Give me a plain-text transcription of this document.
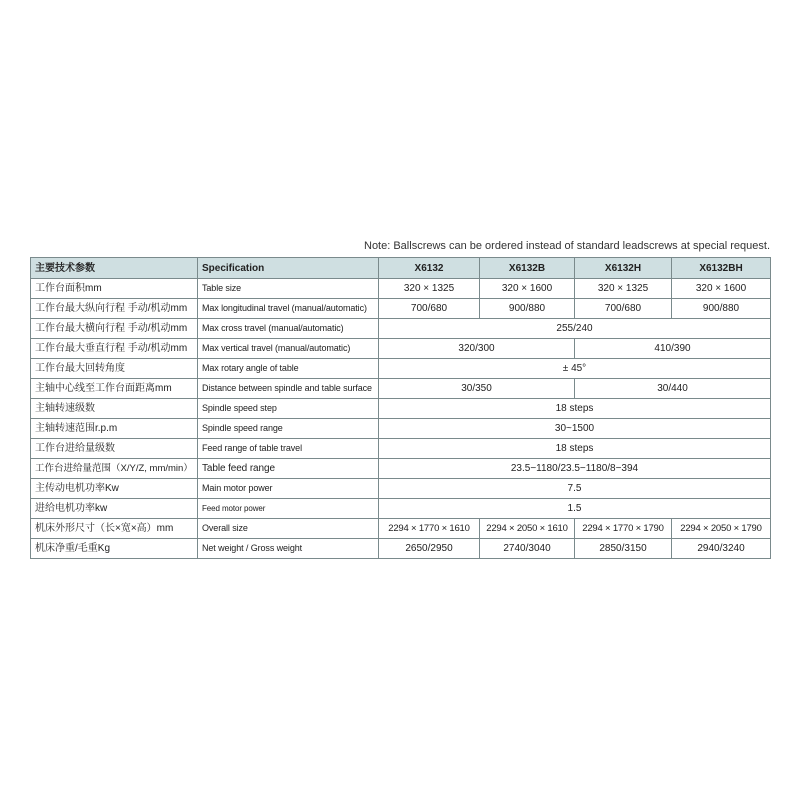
Note: Ballscrews can be ordered instead of standard leadscrews at special request.
主要技术参数	Specification	X6132	X6132B	X6132H	X6132BH
工作台面积mm	Table size	320 × 1325	320 × 1600	320 × 1325	320 × 1600
工作台最大纵向行程 手动/机动mm	Max longitudinal travel (manual/automatic)	700/680	900/880	700/680	900/880
工作台最大横向行程 手动/机动mm	Max cross travel (manual/automatic)	255/240			
工作台最大垂直行程 手动/机动mm	Max vertical travel (manual/automatic)	320/300		410/390	
工作台最大回转角度	Max rotary angle of table	± 45°			
主轴中心线至工作台面距离mm	Distance between spindle and table surface	30/350		30/440	
主轴转速级数	Spindle speed step	18 steps			
主轴转速范围r.p.m	Spindle speed range	30~1500			
工作台进给量级数	Feed range of table travel	18 steps			
工作台进给量范围（X/Y/Z, mm/min）	Table feed range	23.5−1180/23.5−1180/8−394			
主传动电机功率Kw	Main motor power	7.5			
进给电机功率kw	Feed motor power	1.5			
机床外形尺寸（长×宽×高）mm	Overall size	2294 × 1770 × 1610	2294 × 2050 × 1610	2294 × 1770 × 1790	2294 × 2050 × 1790
机床净重/毛重Kg	Net weight / Gross weight	2650/2950	2740/3040	2850/3150	2940/3240
